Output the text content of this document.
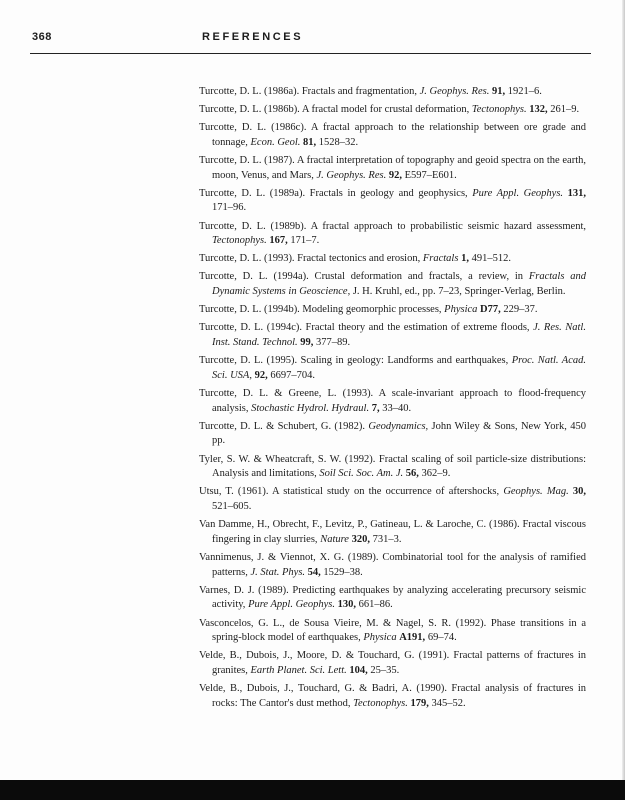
368	REFERENCES
Turcotte, D. L. (1986a). Fractals and fragmentation, J. Geophys. Res. 91, 1921–6.
Turcotte, D. L. (1986b). A fractal model for crustal deformation, Tectonophys. 132, 261–9.
Turcotte, D. L. (1986c). A fractal approach to the relationship between ore grade and tonnage, Econ. Geol. 81, 1528–32.
Turcotte, D. L. (1987). A fractal interpretation of topography and geoid spectra on the earth, moon, Venus, and Mars, J. Geophys. Res. 92, E597–E601.
Turcotte, D. L. (1989a). Fractals in geology and geophysics, Pure Appl. Geophys. 131, 171–96.
Turcotte, D. L. (1989b). A fractal approach to probabilistic seismic hazard assessment, Tectonophys. 167, 171–7.
Turcotte, D. L. (1993). Fractal tectonics and erosion, Fractals 1, 491–512.
Turcotte, D. L. (1994a). Crustal deformation and fractals, a review, in Fractals and Dynamic Systems in Geoscience, J. H. Kruhl, ed., pp. 7–23, Springer-Verlag, Berlin.
Turcotte, D. L. (1994b). Modeling geomorphic processes, Physica D77, 229–37.
Turcotte, D. L. (1994c). Fractal theory and the estimation of extreme floods, J. Res. Natl. Inst. Stand. Technol. 99, 377–89.
Turcotte, D. L. (1995). Scaling in geology: Landforms and earthquakes, Proc. Natl. Acad. Sci. USA, 92, 6697–704.
Turcotte, D. L. & Greene, L. (1993). A scale-invariant approach to flood-frequency analysis, Stochastic Hydrol. Hydraul. 7, 33–40.
Turcotte, D. L. & Schubert, G. (1982). Geodynamics, John Wiley & Sons, New York, 450 pp.
Tyler, S. W. & Wheatcraft, S. W. (1992). Fractal scaling of soil particle-size distributions: Analysis and limitations, Soil Sci. Soc. Am. J. 56, 362–9.
Utsu, T. (1961). A statistical study on the occurrence of aftershocks, Geophys. Mag. 30, 521–605.
Van Damme, H., Obrecht, F., Levitz, P., Gatineau, L. & Laroche, C. (1986). Fractal viscous fingering in clay slurries, Nature 320, 731–3.
Vannimenus, J. & Viennot, X. G. (1989). Combinatorial tool for the analysis of ramified patterns, J. Stat. Phys. 54, 1529–38.
Varnes, D. J. (1989). Predicting earthquakes by analyzing accelerating precursory seismic activity, Pure Appl. Geophys. 130, 661–86.
Vasconcelos, G. L., de Sousa Vieire, M. & Nagel, S. R. (1992). Phase transitions in a spring-block model of earthquakes, Physica A191, 69–74.
Velde, B., Dubois, J., Moore, D. & Touchard, G. (1991). Fractal patterns of fractures in granites, Earth Planet. Sci. Lett. 104, 25–35.
Velde, B., Dubois, J., Touchard, G. & Badri, A. (1990). Fractal analysis of fractures in rocks: The Cantor's dust method, Tectonophys. 179, 345–52.
